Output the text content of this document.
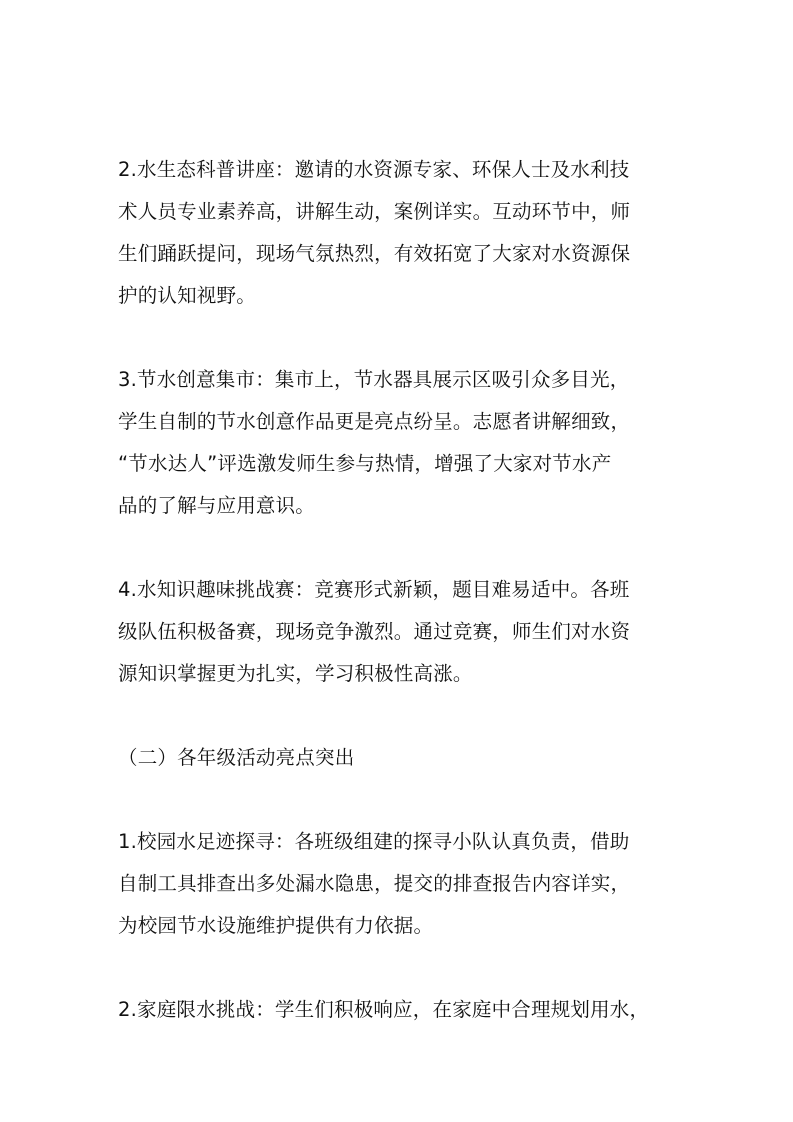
2.水生态科普讲座：邀请的水资源专家、环保人士及水利技
术人员专业素养高，讲解生动，案例详实。互动环节中，师
生们踊跃提问，现场气氛热烈，有效拓宽了大家对水资源保
护的认知视野。

3.节水创意集市：集市上，节水器具展示区吸引众多目光，
学生自制的节水创意作品更是亮点纷呈。志愿者讲解细致，
“节水达人”评选激发师生参与热情，增强了大家对节水产
品的了解与应用意识。

4.水知识趣味挑战赛：竞赛形式新颖，题目难易适中。各班
级队伍积极备赛，现场竞争激烈。通过竞赛，师生们对水资
源知识掌握更为扎实，学习积极性高涨。

（二）各年级活动亮点突出

1.校园水足迹探寻：各班级组建的探寻小队认真负责，借助
自制工具排查出多处漏水隐患，提交的排查报告内容详实，
为校园节水设施维护提供有力依据。

2.家庭限水挑战：学生们积极响应，在家庭中合理规划用水，
